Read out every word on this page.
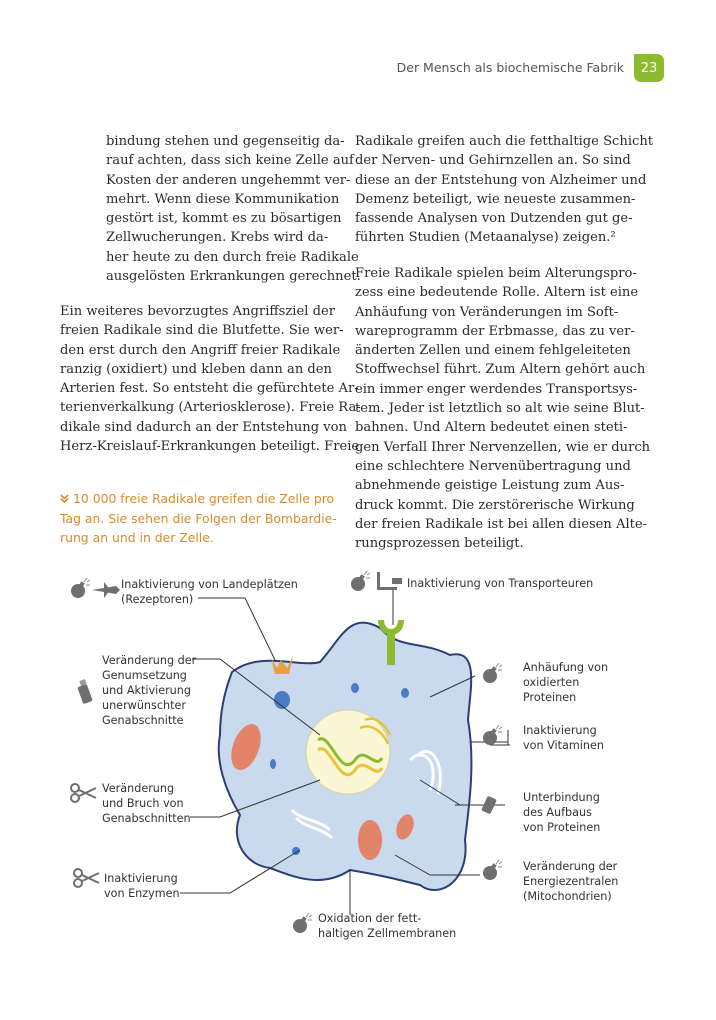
Der Mensch als biochemische Fabrik	23

bindung stehen und gegenseitig da-

rauf achten, dass sich keine Zelle auf

Kosten der anderen ungehemmt ver-

mehrt. Wenn diese Kommunikation

gestört ist, kommt es zu bösartigen

Zellwucherungen. Krebs wird da-

her heute zu den durch freie Radikale

ausgelösten Erkrankungen gerechnet.

Ein weiteres bevorzugtes Angriffsziel der

freien Radikale sind die Blutfette. Sie wer-

den erst durch den Angriff freier Radikale

ranzig (oxidiert) und kleben dann an den

Arterien fest. So entsteht die gefürchtete Ar-

terienverkalkung (Arteriosklerose). Freie Ra-

dikale sind dadurch an der Entstehung von

Herz-Kreislauf-Erkrankungen beteiligt. Freie

Radikale greifen auch die fetthaltige Schicht

der Nerven- und Gehirnzellen an. So sind

diese an der Entstehung von Alzheimer und

Demenz beteiligt, wie neueste zusammen-

fassende Analysen von Dutzenden gut ge-

führten Studien (Metaanalyse) zeigen.²

Freie Radikale spielen beim Alterungspro-

zess eine bedeutende Rolle. Altern ist eine

Anhäufung von Veränderungen im Soft-

wareprogramm der Erbmasse, das zu ver-

änderten Zellen und einem fehlgeleiteten

Stoffwechsel führt. Zum Altern gehört auch

ein immer enger werdendes Transportsys-

tem. Jeder ist letztlich so alt wie seine Blut-

bahnen. Und Altern bedeutet einen steti-

gen Verfall Ihrer Nervenzellen, wie er durch

eine schlechtere Nervenübertragung und

abnehmende geistige Leistung zum Aus-

druck kommt. Die zerstörerische Wirkung

der freien Radikale ist bei allen diesen Alte-

rungsprozessen beteiligt.

10 000 freie Radikale greifen die Zelle pro
Tag an. Sie sehen die Folgen der Bombardie-
rung an und in der Zelle.
Inaktivierung von Landeplätzen
(Rezeptoren)
Inaktivierung von Transporteuren
Veränderung der
Genumsetzung
und Aktivierung
unerwünschter
Genabschnitte
Veränderung
und Bruch von
Genabschnitten
Inaktivierung
von Enzymen
Oxidation der fett-
haltigen Zellmembranen
Anhäufung von
oxidierten
Proteinen
Inaktivierung
von Vitaminen
Unterbindung
des Aufbaus
von Proteinen
Veränderung der
Energiezentralen
(Mitochondrien)
